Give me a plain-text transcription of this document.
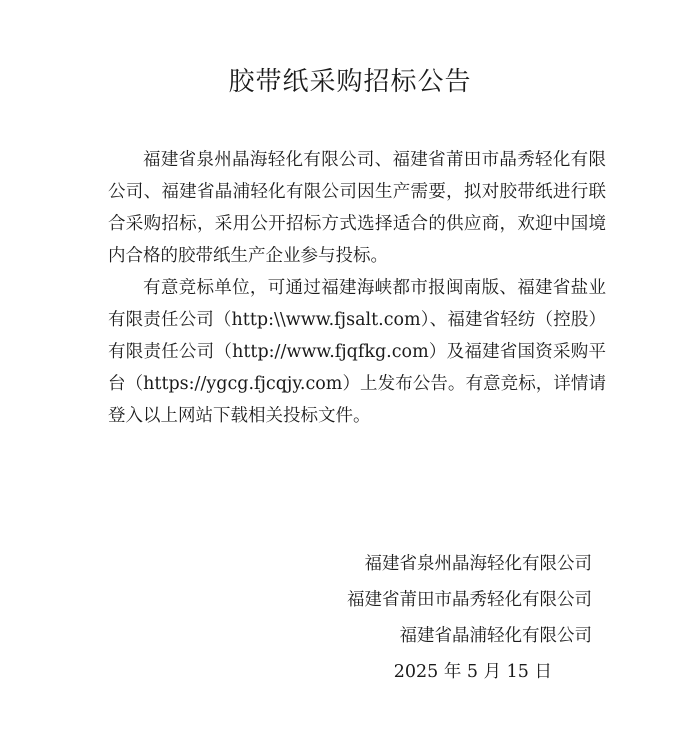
胶带纸采购招标公告

福建省泉州晶海轻化有限公司、福建省莆田市晶秀轻化有限公司、福建省晶浦轻化有限公司因生产需要，拟对胶带纸进行联合采购招标，采用公开招标方式选择适合的供应商，欢迎中国境内合格的胶带纸生产企业参与投标。

有意竞标单位，可通过福建海峡都市报闽南版、福建省盐业有限责任公司（http:\\www.fjsalt.com）、福建省轻纺（控股）有限责任公司（http://www.fjqfkg.com）及福建省国资采购平台（https://ygcg.fjcqjy.com）上发布公告。有意竞标，详情请登入以上网站下载相关投标文件。

福建省泉州晶海轻化有限公司
福建省莆田市晶秀轻化有限公司
福建省晶浦轻化有限公司
2025 年 5 月 15 日
